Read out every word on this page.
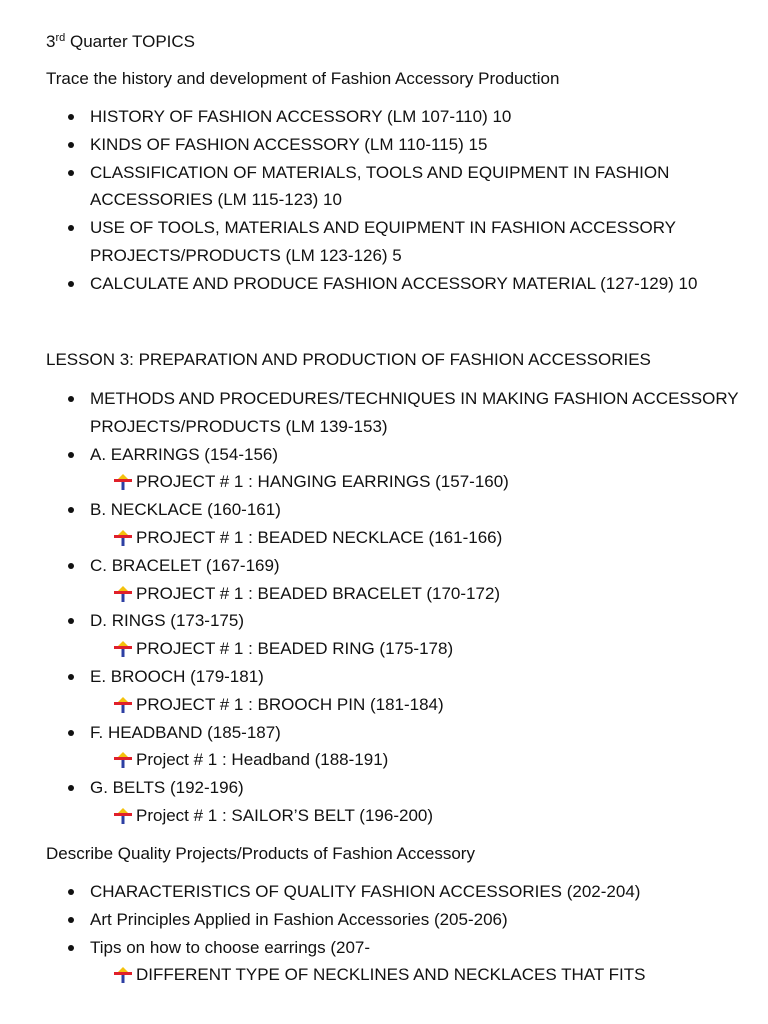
3rd Quarter TOPICS
Trace the history and development of Fashion Accessory Production
HISTORY OF FASHION ACCESSORY (LM 107-110) 10
KINDS OF FASHION ACCESSORY (LM 110-115) 15
CLASSIFICATION OF MATERIALS, TOOLS AND EQUIPMENT IN FASHION
ACCESSORIES (LM 115-123) 10
USE OF TOOLS, MATERIALS AND EQUIPMENT IN FASHION ACCESSORY
PROJECTS/PRODUCTS (LM 123-126) 5
CALCULATE AND PRODUCE FASHION ACCESSORY MATERIAL (127-129) 10
LESSON 3: PREPARATION AND PRODUCTION OF FASHION ACCESSORIES
METHODS AND PROCEDURES/TECHNIQUES IN MAKING FASHION ACCESSORY
PROJECTS/PRODUCTS (LM 139-153)
A. EARRINGS (154-156)
PROJECT # 1 : HANGING EARRINGS (157-160)
B. NECKLACE (160-161)
PROJECT # 1 : BEADED NECKLACE (161-166)
C. BRACELET (167-169)
PROJECT # 1 : BEADED BRACELET (170-172)
D. RINGS (173-175)
PROJECT # 1 : BEADED RING (175-178)
E. BROOCH (179-181)
PROJECT # 1 : BROOCH PIN (181-184)
F. HEADBAND (185-187)
Project # 1 : Headband (188-191)
G. BELTS (192-196)
Project # 1 : SAILOR’S BELT (196-200)
Describe Quality Projects/Products of Fashion Accessory
CHARACTERISTICS OF QUALITY FASHION ACCESSORIES (202-204)
Art Principles Applied in Fashion Accessories (205-206)
Tips on how to choose earrings (207-
DIFFERENT TYPE OF NECKLINES AND NECKLACES THAT FITS
